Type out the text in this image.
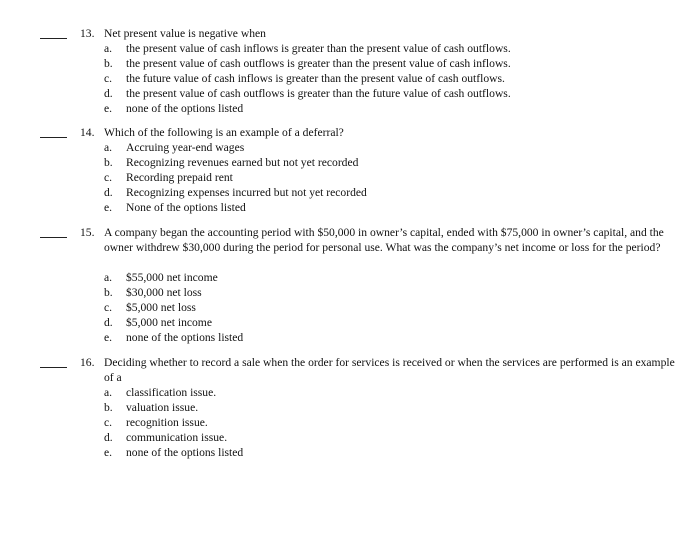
13. Net present value is negative when
a.	the present value of cash inflows is greater than the present value of cash outflows.
b.	the present value of cash outflows is greater than the present value of cash inflows.
c.	the future value of cash inflows is greater than the present value of cash outflows.
d.	the present value of cash outflows is greater than the future value of cash outflows.
e.	none of the options listed
14. Which of the following is an example of a deferral?
a.	Accruing year-end wages
b.	Recognizing revenues earned but not yet recorded
c.	Recording prepaid rent
d.	Recognizing expenses incurred but not yet recorded
e.	None of the options listed
15. A company began the accounting period with $50,000 in owner’s capital, ended with $75,000 in owner’s capital, and the owner withdrew $30,000 during the period for personal use. What was the company’s net income or loss for the period?
a.	$55,000 net income
b.	$30,000 net loss
c.	$5,000 net loss
d.	$5,000 net income
e.	none of the options listed
16. Deciding whether to record a sale when the order for services is received or when the services are performed is an example of a
a.	classification issue.
b.	valuation issue.
c.	recognition issue.
d.	communication issue.
e.	none of the options listed
